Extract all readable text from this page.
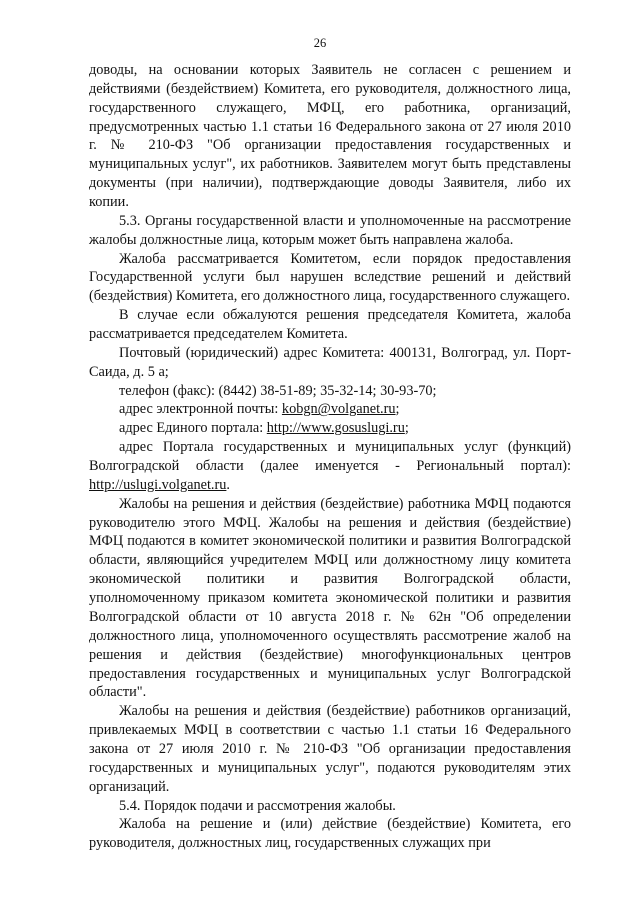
26

доводы, на основании которых Заявитель не согласен с решением и действиями (бездействием) Комитета, его руководителя, должностного лица, государственного служащего, МФЦ, его работника, организаций, предусмотренных частью 1.1 статьи 16 Федерального закона от 27 июля 2010 г. № 210-ФЗ "Об организации предоставления государственных и муниципальных услуг", их работников. Заявителем могут быть представлены документы (при наличии), подтверждающие доводы Заявителя, либо их копии.

5.3. Органы государственной власти и уполномоченные на рассмотрение жалобы должностные лица, которым может быть направлена жалоба.

Жалоба рассматривается Комитетом, если порядок предоставления Государственной услуги был нарушен вследствие решений и действий (бездействия) Комитета, его должностного лица, государственного служащего.

В случае если обжалуются решения председателя Комитета, жалоба рассматривается председателем Комитета.

Почтовый (юридический) адрес Комитета: 400131, Волгоград, ул. Порт-Саида, д. 5 а;

телефон (факс): (8442) 38-51-89; 35-32-14; 30-93-70;

адрес электронной почты: kobgn@volganet.ru;

адрес Единого портала: http://www.gosuslugi.ru;

адрес Портала государственных и муниципальных услуг (функций) Волгоградской области (далее именуется - Региональный портал): http://uslugi.volganet.ru.

Жалобы на решения и действия (бездействие) работника МФЦ подаются руководителю этого МФЦ. Жалобы на решения и действия (бездействие) МФЦ подаются в комитет экономической политики и развития Волгоградской области, являющийся учредителем МФЦ или должностному лицу комитета экономической политики и развития Волгоградской области, уполномоченному приказом комитета экономической политики и развития Волгоградской области от 10 августа 2018 г. № 62н "Об определении должностного лица, уполномоченного осуществлять рассмотрение жалоб на решения и действия (бездействие) многофункциональных центров предоставления государственных и муниципальных услуг Волгоградской области".

Жалобы на решения и действия (бездействие) работников организаций, привлекаемых МФЦ в соответствии с частью 1.1 статьи 16 Федерального закона от 27 июля 2010 г. № 210-ФЗ "Об организации предоставления государственных и муниципальных услуг", подаются руководителям этих организаций.

5.4. Порядок подачи и рассмотрения жалобы.

Жалоба на решение и (или) действие (бездействие) Комитета, его руководителя, должностных лиц, государственных служащих при
